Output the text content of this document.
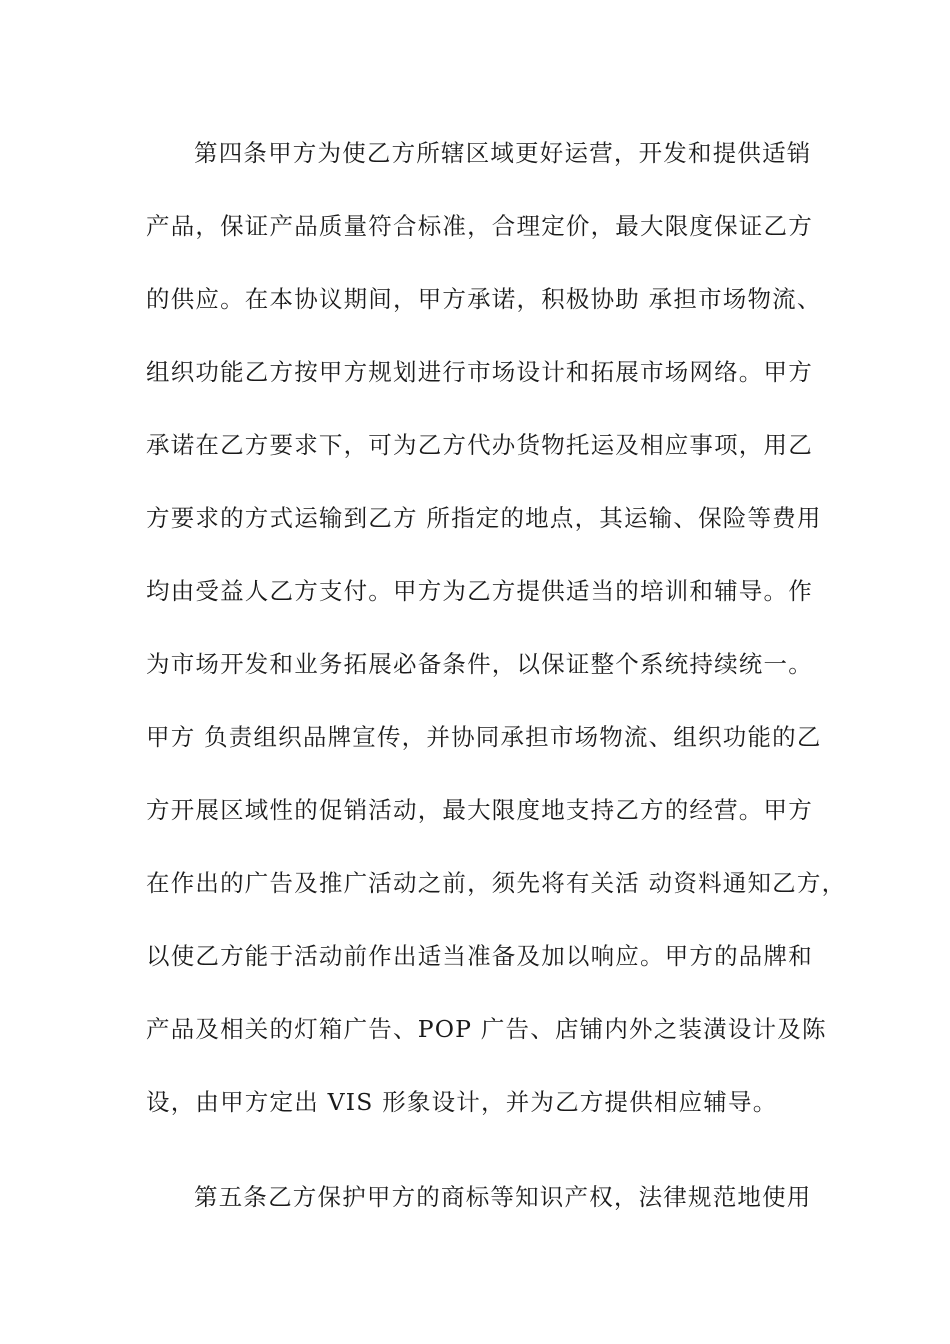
第四条甲方为使乙方所辖区域更好运营，开发和提供适销
产品，保证产品质量符合标准，合理定价，最大限度保证乙方
的供应。在本协议期间，甲方承诺，积极协助 承担市场物流、
组织功能乙方按甲方规划进行市场设计和拓展市场网络。甲方
承诺在乙方要求下，可为乙方代办货物托运及相应事项，用乙
方要求的方式运输到乙方 所指定的地点，其运输、保险等费用
均由受益人乙方支付。甲方为乙方提供适当的培训和辅导。作
为市场开发和业务拓展必备条件，以保证整个系统持续统一。
甲方 负责组织品牌宣传，并协同承担市场物流、组织功能的乙
方开展区域性的促销活动，最大限度地支持乙方的经营。甲方
在作出的广告及推广活动之前，须先将有关活 动资料通知乙方，
以使乙方能于活动前作出适当准备及加以响应。甲方的品牌和
产品及相关的灯箱广告、POP 广告、店铺内外之装潢设计及陈
设，由甲方定出 VIS 形象设计，并为乙方提供相应辅导。
第五条乙方保护甲方的商标等知识产权，法律规范地使用
